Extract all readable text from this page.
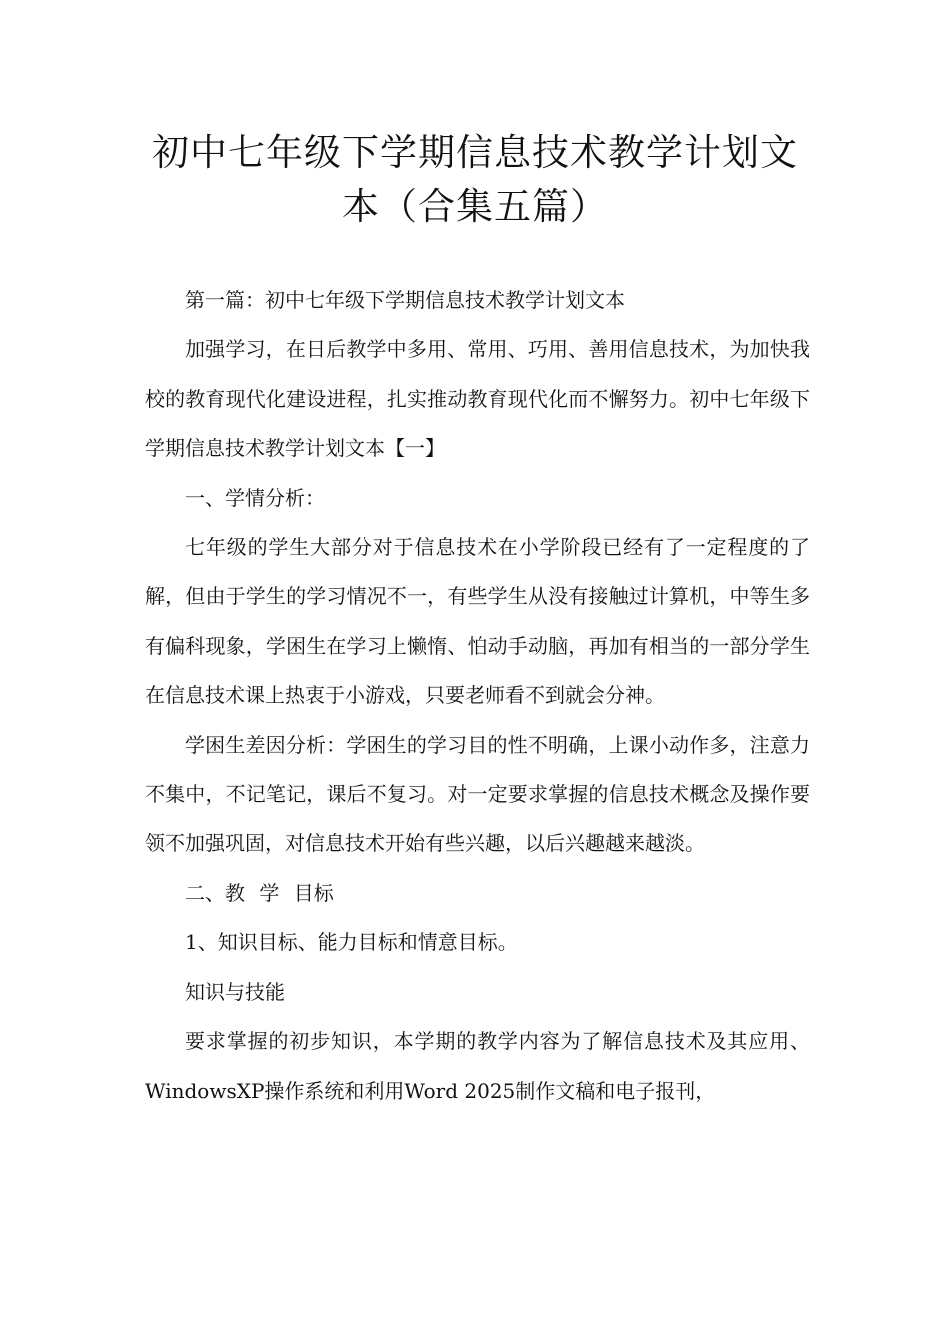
初中七年级下学期信息技术教学计划文
本（合集五篇）

第一篇：初中七年级下学期信息技术教学计划文本

加强学习，在日后教学中多用、常用、巧用、善用信息技术，为加快我校的教育现代化建设进程，扎实推动教育现代化而不懈努力。初中七年级下学期信息技术教学计划文本【一】

一、学情分析：

七年级的学生大部分对于信息技术在小学阶段已经有了一定程度的了解，但由于学生的学习情况不一，有些学生从没有接触过计算机，中等生多有偏科现象，学困生在学习上懒惰、怕动手动脑，再加有相当的一部分学生在信息技术课上热衷于小游戏，只要老师看不到就会分神。

学困生差因分析：学困生的学习目的性不明确，上课小动作多，注意力不集中，不记笔记，课后不复习。对一定要求掌握的信息技术概念及操作要领不加强巩固，对信息技术开始有些兴趣，以后兴趣越来越淡。

二、教 学 目标

1、知识目标、能力目标和情意目标。

知识与技能

要求掌握的初步知识，本学期的教学内容为了解信息技术及其应用、WindowsXP操作系统和利用Word 2025制作文稿和电子报刊，
